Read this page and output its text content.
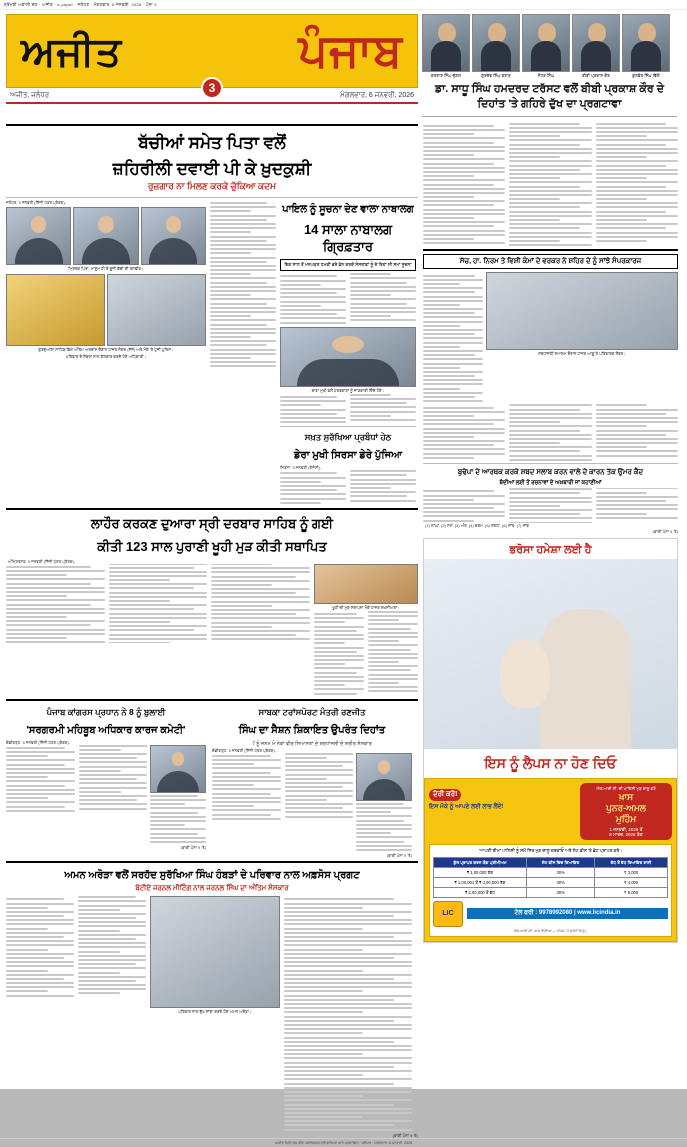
ਸ਼੍ਰੋਮਣੀ ਅਕਾਲੀ ਦਲ · ਅਜੀਤ · e-paper · ਜਲੰਧਰ · ਮੰਗਲਵਾਰ, 6 ਜਨਵਰੀ, 2026 · ਪੰਨਾ 3
ਅਜੀਤ	ਪੰਜਾਬ
3
ਅਜੀਤ, ਜਲੰਧਰ	ਮੰਗਲਵਾਰ, 6 ਜਨਵਰੀ, 2026
ਕਰਤਾਰ ਸਿੰਘ ਦੁੱਗਲ	ਗੁਰਦੇਵ ਸਿੰਘ ਬਰਾੜ	ਸੋਹਣ ਸਿੰਘ	ਬੀਬੀ ਪ੍ਰਕਾਸ਼ ਕੌਰ	ਕੁਲਵੰਤ ਸਿੰਘ ਢਿੱਲੋਂ
ਡਾ. ਸਾਧੂ ਸਿੰਘ ਹਮਦਰਦ ਟਰੱਸਟ ਵਲੋਂ ਬੀਬੀ ਪ੍ਰਕਾਸ਼ ਕੌਰ ਦੇ ਦਿਹਾਂਤ 'ਤੇ ਗਹਿਰੇ ਦੁੱਖ ਦਾ ਪ੍ਰਗਟਾਵਾ
ਬੱਚੀਆਂ ਸਮੇਤ ਪਿਤਾ ਵਲੋਂ
ਜ਼ਹਿਰੀਲੀ ਦਵਾਈ ਪੀ ਕੇ ਖ਼ੁਦਕੁਸ਼ੀ
ਰੁਜ਼ਗਾਰ ਨਾ ਮਿਲਣ ਕਰਕੇ ਚੁੱਕਿਆ ਕਦਮ
ਜਲੰਧਰ, 5 ਜਨਵਰੀ (ਨਿੱਜੀ ਪੱਤਰ ਪ੍ਰੇਰਕ)-
ਮ੍ਰਿਤਕ ਪਿਤਾ, ਮਾਸੂਮ ਧੀ ਤੇ ਦੂਜੀ ਬੱਚੀ ਦੀ ਤਸਵੀਰ।
ਗੁਰਦੁਆਰਾ ਸਾਹਿਬ ਵਿਖੇ ਅੰਤਿਮ ਅਰਦਾਸ ਦੌਰਾਨ ਹਾਜ਼ਰ ਸੰਗਤ (ਸੱਜੇ) ਅਤੇ ਮੌਕੇ 'ਤੇ ਪੁੱਜੀ ਪੁਲਿਸ।
ਪਰਿਵਾਰ ਦੇ ਮੈਂਬਰਾਂ ਨਾਲ ਗੱਲਬਾਤ ਕਰਦੇ ਹੋਏ ਅਧਿਕਾਰੀ।
ਪਾਇਲ ਨੂੰ ਸੂਚਨਾ ਦੇਣ ਵਾਲਾ ਨਾਬਾਲਗ
14 ਸਾਲਾ ਨਾਬਾਲਗ ਗ੍ਰਿਫ਼ਤਾਰ
ਇਕ ਸਾਲ ਤੋਂ ਮਨਘੜਤ ਧਮਕੀ ਭਰੇ ਫ਼ੋਨ ਕਰਕੇ ਸੰਸਥਾਵਾਂ ਨੂੰ ਦੇ ਰਿਹਾ ਸੀ ਸਮਾਂ ਸੂਚਨਾ
ਥਾਣਾ ਮੁਖੀ ਵਲੋਂ ਪੱਤਰਕਾਰਾਂ ਨੂੰ ਜਾਣਕਾਰੀ ਦਿੰਦੇ ਹੋਏ।
ਸਖ਼ਤ ਸੁਰੱਖਿਆ ਪ੍ਰਬੰਧਾਂ ਹੇਠ
ਡੇਰਾ ਮੁਖੀ ਸਿਰਸਾ ਡੇਰੇ ਪੁੱਜਿਆ
ਸਿਰਸਾ, 5 ਜਨਵਰੀ (ਏਜੰਸੀ)-
ਲਾਹੌਰ ਕਰਕਣ ਦੁਆਰਾ ਸ੍ਰੀ ਦਰਬਾਰ ਸਾਹਿਬ ਨੂੰ ਗਈ
ਕੀਤੀ 123 ਸਾਲ ਪੁਰਾਣੀ ਖੂਹੀ ਮੁੜ ਕੀਤੀ ਸਥਾਪਿਤ
ਅੰਮ੍ਰਿਤਸਰ, 5 ਜਨਵਰੀ (ਨਿੱਜੀ ਪੱਤਰ ਪ੍ਰੇਰਕ)-
ਖੂਹੀ ਦੀ ਮੁੜ ਸਥਾਪਨਾ ਮੌਕੇ ਹਾਜ਼ਰ ਸ਼ਖ਼ਸੀਅਤਾਂ।
ਪੰਜਾਬ ਕਾਂਗਰਸ ਪ੍ਰਧਾਨ ਨੇ 8 ਨੂੰ ਬੁਲਾਈ
'ਸਰਗਰਮੀ ਮਹਿਬੂਬ ਅਧਿਕਾਰ ਕਾਰਜ ਕਮੇਟੀ'
ਚੰਡੀਗੜ੍ਹ, 5 ਜਨਵਰੀ (ਨਿੱਜੀ ਪੱਤਰ ਪ੍ਰੇਰਕ)-
(ਬਾਕੀ ਪੰਨਾ 9 'ਤੇ)
ਸਾਬਕਾ ਟਰਾਂਸਪੋਰਟ ਮੰਤਰੀ ਰਣਜੀਤ
ਸਿੰਘ ਦਾ ਸੈਸ਼ਨ ਸ਼ਿਕਾਇਤ ਉਪਰੰਤ ਦਿਹਾਂਤ
7 ਨੂੰ ਜਨਮ ਮੋ ਨੇਕਾਂ ਵੀਰ ਸਿਆਸਤਾਂ ਦੇ ਸ਼ਰਧਾਂਜਲੀ ਦੇ ਸ਼ਰੀਰ ਸੰਸਕਾਰ
ਚੰਡੀਗੜ੍ਹ, 5 ਜਨਵਰੀ (ਨਿੱਜੀ ਪੱਤਰ ਪ੍ਰੇਰਕ)-
(ਬਾਕੀ ਪੰਨਾ 9 'ਤੇ)
ਅਮਨ ਅਰੋੜਾ ਵਲੋਂ ਸਰਹੱਦ ਸੁਰੱਖਿਆ ਸਿੰਘ ਹੰਬੜਾਂ ਦੇ ਪਰਿਵਾਰ ਨਾਲ ਅਫ਼ਸੋਸ ਪ੍ਰਗਟ
ਬੇਟੀਏ ਜਰਨਲ ਮੀਟਿੰਗ ਨਾਲ ਜਰਨਲ ਸਿੰਘ ਦਾ ਅੰਤਿਮ ਸੰਸਕਾਰ
ਪਰਿਵਾਰ ਨਾਲ ਦੁੱਖ ਸਾਂਝਾ ਕਰਦੇ ਹੋਏ ਅਮਨ ਅਰੋੜਾ।
(ਬਾਕੀ ਪੰਨਾ 9 'ਤੇ)
ਸੱਚ, ਹਾ. ਨਿਰਮ ਤੇ ਵਿਸ਼ੀ ਕੰਮਾਂ ਦੇ ਵਰਕਰ ਨੇ ਸ਼ਹਿਰ ਦੇ ਨੂੰ ਸਾਂਝੇ ਸੰਪਰਕਾਰਜ
ਸ਼ਰਧਾਂਜਲੀ ਸਮਾਗਮ ਦੌਰਾਨ ਹਾਜ਼ਰ ਆਗੂ ਤੇ ਪਰਿਵਾਰਕ ਮੈਂਬਰ।
ਬੁਢੇਪਾ ਦੇ ਆਰਥਕ ਕਰਕੇ ਸ਼ਬਦ ਸਲਾਬ ਕਰਨ ਵਾਲੇ ਦੇ ਕਾਰਨ ਤੱਕ ਉਮਰ ਕੈਦ
ਬੰਦੀਆਂ ਲਈ ਤੋਂ ਰਚਨਾਵਾਂ ਦੇ ਅਖ਼ਬਾਰੀ ਜਾਂ ਕਹਾਣੀਆਂ
(1) ਲਾਂਘਾ, (2) ਸਮੇਂ, (3) ਅੰਤ, (4) ਕਰਮ, (5) ਸ਼ਰਧਾ, (6) ਸ਼ਾਂਤ, (7) ਸਾਂਝ
(ਬਾਕੀ ਪੰਨਾ 9 'ਤੇ)
ਭਰੋਸਾ ਹਮੇਸ਼ਾ ਲਈ ਹੈ
ਇਸ ਨੂੰ ਲੈਪਸ ਨਾ ਹੋਣ ਦਿਓ
ਦੇਰੀ ਕਰੋ!
ਇਸ ਮੌਕੇ ਨੂੰ ਆਪਣੇ ਲਈ ਲਾਭ ਲੈਂਦੇ!
ਐਲ.ਆਈ.ਸੀ. ਦੀ ਪਾਲਿਸੀ ਮੁੜ ਚਾਲੂ ਕਰੋ
ਖ਼ਾਸ
ਪੁਨਰ-ਅਮਲ
ਮੁਹਿੰਮ
1 ਜਨਵਰੀ, 2026 ਤੋਂ
8 ਮਾਰਚ, 2026 ਤੱਕ
'ਆਪਣੀ ਬੀਮਾ ਪਾਲਿਸੀ ਨੂੰ ਸਮੇਂ ਸਿਰ ਮੁੜ ਚਾਲੂ ਕਰਵਾਓ ਅਤੇ ਲੇਟ ਫ਼ੀਸ 'ਤੇ ਛੋਟ ਪ੍ਰਾਪਤ ਕਰੋ।
ਕੁੱਲ ਪ੍ਰਾਪਤ ਕਰਨ ਯੋਗ ਪ੍ਰੀਮੀਅਮ	ਲੇਟ ਫ਼ੀਸ ਵਿਚ ਰਿਆਇਤ	ਵੱਧ ਤੋਂ ਵੱਧ ਰਿਆਇਤ ਰਾਸ਼ੀ
₹ 1,00,000 ਤੱਕ	30%	₹ 3,000
₹ 1,00,001 ਤੋਂ ₹ 3,00,000 ਤੱਕ	30%	₹ 4,000
₹ 3,00,000 ਤੋਂ ਵੱਧ	30%	₹ 5,000
LIC	ਟੋਲ ਫਰੀ : 9978992080 | www.licindia.in
ਐਲ.ਆਈ.ਸੀ. ਆਫ ਇੰਡੀਆ — ਨਿਯਮ ਤੇ ਸ਼ਰਤਾਂ ਲਾਗੂ।
ਅਜੀਤ ਪ੍ਰਿੰਟਰਜ਼ ਐਂਡ ਪਬਲਿਸ਼ਰਜ਼ ਵਲੋਂ ਛਾਪਿਆ ਅਤੇ ਪ੍ਰਕਾਸ਼ਿਤ · ਜਲੰਧਰ · ਮੰਗਲਵਾਰ, 6 ਜਨਵਰੀ, 2026
